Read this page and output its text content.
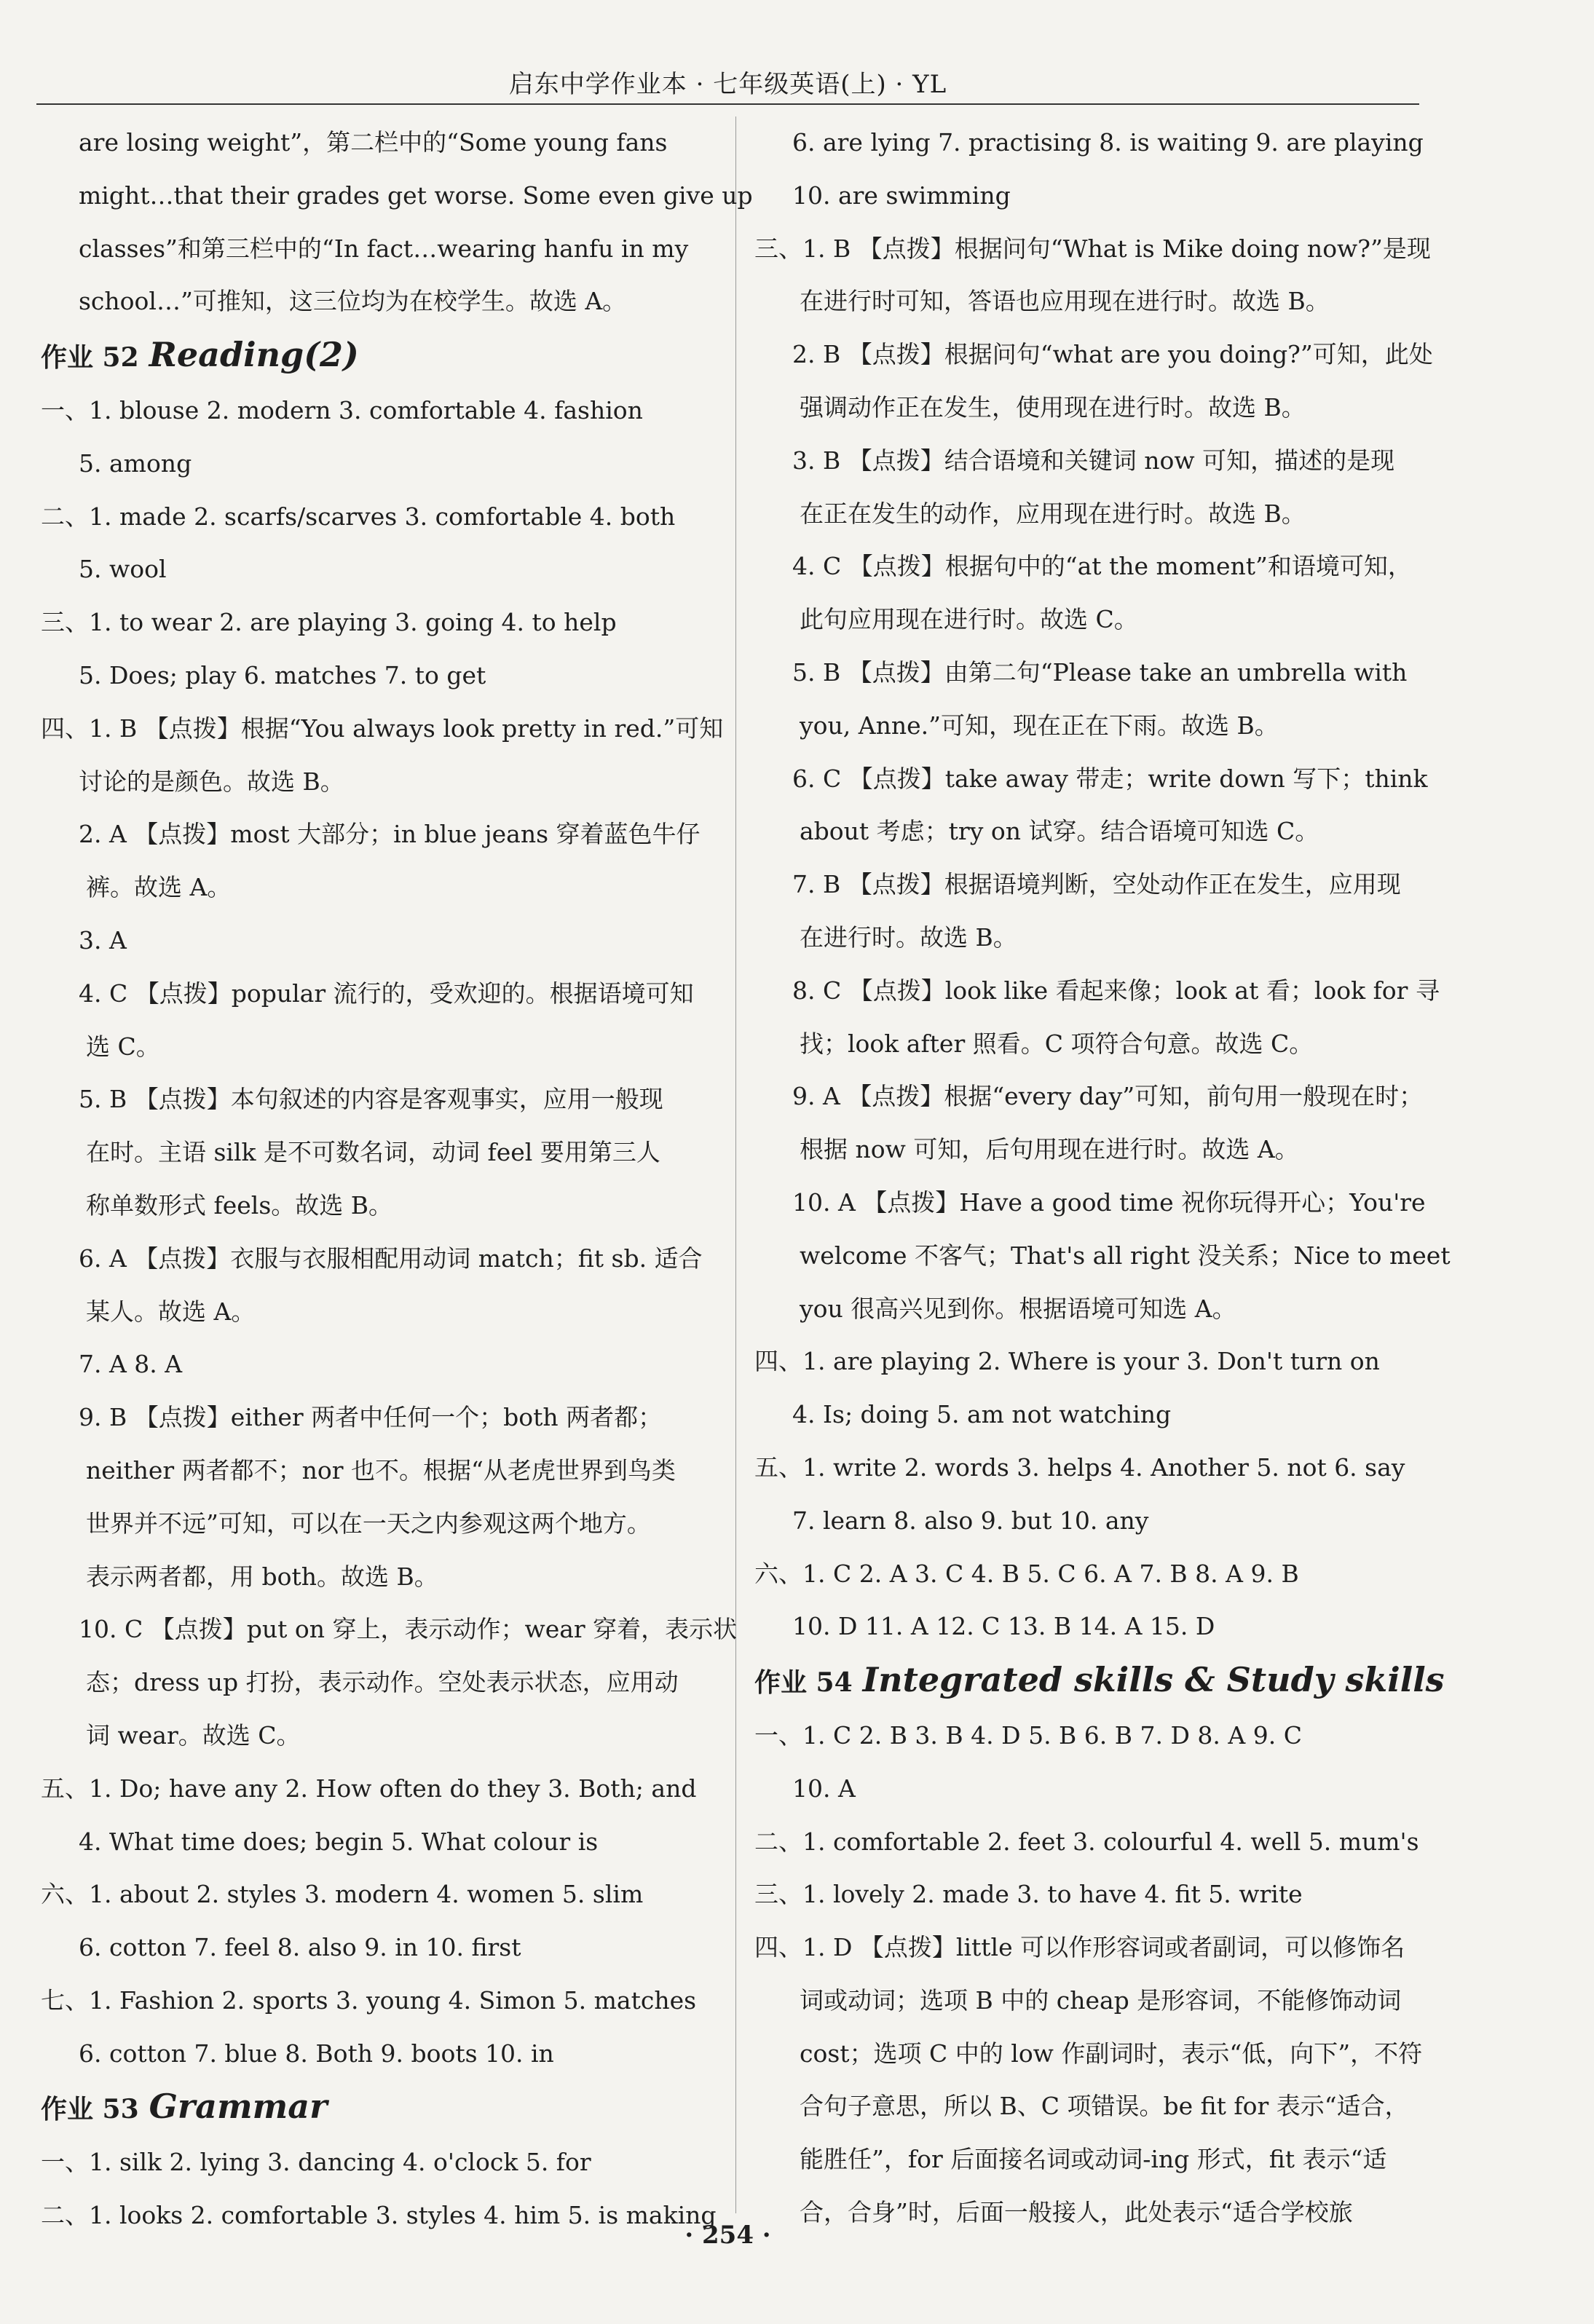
启东中学作业本 · 七年级英语(上) · YL
are losing weight”，第二栏中的“Some young fans
might…that their grades get worse. Some even give up
classes”和第三栏中的“In fact…wearing hanfu in my
school…”可推知，这三位均为在校学生。故选 A。
作业 52 Reading(2)
一、1. blouse 2. modern 3. comfortable 4. fashion
5. among
二、1. made 2. scarfs/scarves 3. comfortable 4. both
5. wool
三、1. to wear 2. are playing 3. going 4. to help
5. Does; play 6. matches 7. to get
四、1. B 【点拨】根据“You always look pretty in red.”可知
讨论的是颜色。故选 B。
2. A 【点拨】most 大部分；in blue jeans 穿着蓝色牛仔
裤。故选 A。
3. A
4. C 【点拨】popular 流行的，受欢迎的。根据语境可知
选 C。
5. B 【点拨】本句叙述的内容是客观事实，应用一般现
在时。主语 silk 是不可数名词，动词 feel 要用第三人
称单数形式 feels。故选 B。
6. A 【点拨】衣服与衣服相配用动词 match；fit sb. 适合
某人。故选 A。
7. A 8. A
9. B 【点拨】either 两者中任何一个；both 两者都；
neither 两者都不；nor 也不。根据“从老虎世界到鸟类
世界并不远”可知，可以在一天之内参观这两个地方。
表示两者都，用 both。故选 B。
10. C 【点拨】put on 穿上，表示动作；wear 穿着，表示状
态；dress up 打扮，表示动作。空处表示状态，应用动
词 wear。故选 C。
五、1. Do; have any 2. How often do they 3. Both; and
4. What time does; begin 5. What colour is
六、1. about 2. styles 3. modern 4. women 5. slim
6. cotton 7. feel 8. also 9. in 10. first
七、1. Fashion 2. sports 3. young 4. Simon 5. matches
6. cotton 7. blue 8. Both 9. boots 10. in
作业 53 Grammar
一、1. silk 2. lying 3. dancing 4. o'clock 5. for
二、1. looks 2. comfortable 3. styles 4. him 5. is making
6. are lying 7. practising 8. is waiting 9. are playing
10. are swimming
三、1. B 【点拨】根据问句“What is Mike doing now?”是现
在进行时可知，答语也应用现在进行时。故选 B。
2. B 【点拨】根据问句“what are you doing?”可知，此处
强调动作正在发生，使用现在进行时。故选 B。
3. B 【点拨】结合语境和关键词 now 可知，描述的是现
在正在发生的动作，应用现在进行时。故选 B。
4. C 【点拨】根据句中的“at the moment”和语境可知，
此句应用现在进行时。故选 C。
5. B 【点拨】由第二句“Please take an umbrella with
you, Anne.”可知，现在正在下雨。故选 B。
6. C 【点拨】take away 带走；write down 写下；think
about 考虑；try on 试穿。结合语境可知选 C。
7. B 【点拨】根据语境判断，空处动作正在发生，应用现
在进行时。故选 B。
8. C 【点拨】look like 看起来像；look at 看；look for 寻
找；look after 照看。C 项符合句意。故选 C。
9. A 【点拨】根据“every day”可知，前句用一般现在时；
根据 now 可知，后句用现在进行时。故选 A。
10. A 【点拨】Have a good time 祝你玩得开心；You're
welcome 不客气；That's all right 没关系；Nice to meet
you 很高兴见到你。根据语境可知选 A。
四、1. are playing 2. Where is your 3. Don't turn on
4. Is; doing 5. am not watching
五、1. write 2. words 3. helps 4. Another 5. not 6. say
7. learn 8. also 9. but 10. any
六、1. C 2. A 3. C 4. B 5. C 6. A 7. B 8. A 9. B
10. D 11. A 12. C 13. B 14. A 15. D
作业 54 Integrated skills & Study skills
一、1. C 2. B 3. B 4. D 5. B 6. B 7. D 8. A 9. C
10. A
二、1. comfortable 2. feet 3. colourful 4. well 5. mum's
三、1. lovely 2. made 3. to have 4. fit 5. write
四、1. D 【点拨】little 可以作形容词或者副词，可以修饰名
词或动词；选项 B 中的 cheap 是形容词，不能修饰动词
cost；选项 C 中的 low 作副词时，表示“低，向下”，不符
合句子意思，所以 B、C 项错误。be fit for 表示“适合，
能胜任”，for 后面接名词或动词-ing 形式，fit 表示“适
合，合身”时，后面一般接人，此处表示“适合学校旅
· 254 ·
